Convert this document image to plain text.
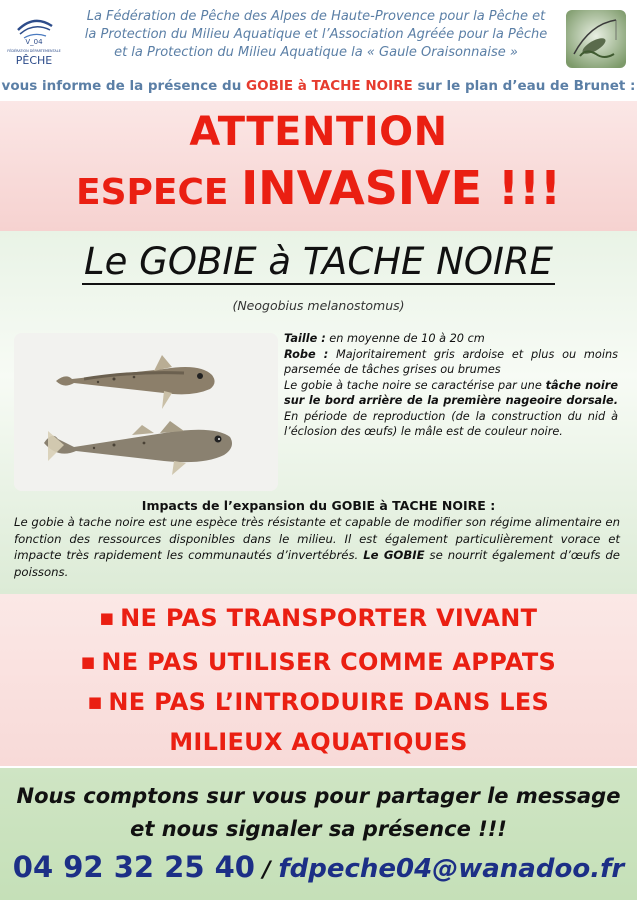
V_04
FÉDÉRATION DÉPARTEMENTALE
PÊCHE
La Fédération de Pêche des Alpes de Haute-Provence pour la Pêche et
la Protection du Milieu Aquatique et l’Association Agréée pour la Pêche
et la Protection du Milieu Aquatique la « Gaule Oraisonnaise »
vous informe de la présence du GOBIE à TACHE NOIRE sur le plan d’eau de Brunet :
ATTENTION
ESPECE INVASIVE !!!
Le GOBIE à TACHE NOIRE
(Neogobius melanostomus)
Taille : en moyenne de 10 à 20 cm
Robe : Majoritairement gris ardoise et plus ou moins parsemée de tâches grises ou brumes
Le gobie à tache noire se caractérise par une tâche noire sur le bord arrière de la première nageoire dorsale. En période de reproduction (de la construction du nid à l’éclosion des œufs) le mâle est de couleur noire.
Impacts de l’expansion du GOBIE à TACHE NOIRE :
Le gobie à tache noire est une espèce très résistante et capable de modifier son régime alimentaire en fonction des ressources disponibles dans le milieu. Il est également particulièrement vorace et impacte très rapidement les communautés d’invertébrés. Le GOBIE se nourrit également d’œufs de poissons.
■ NE PAS TRANSPORTER VIVANT
■ NE PAS UTILISER COMME APPATS
■ NE PAS L’INTRODUIRE DANS LES
MILIEUX AQUATIQUES
Nous comptons sur vous pour partager le message
et nous signaler sa présence !!!
04 92 32 25 40 / fdpeche04@wanadoo.fr
